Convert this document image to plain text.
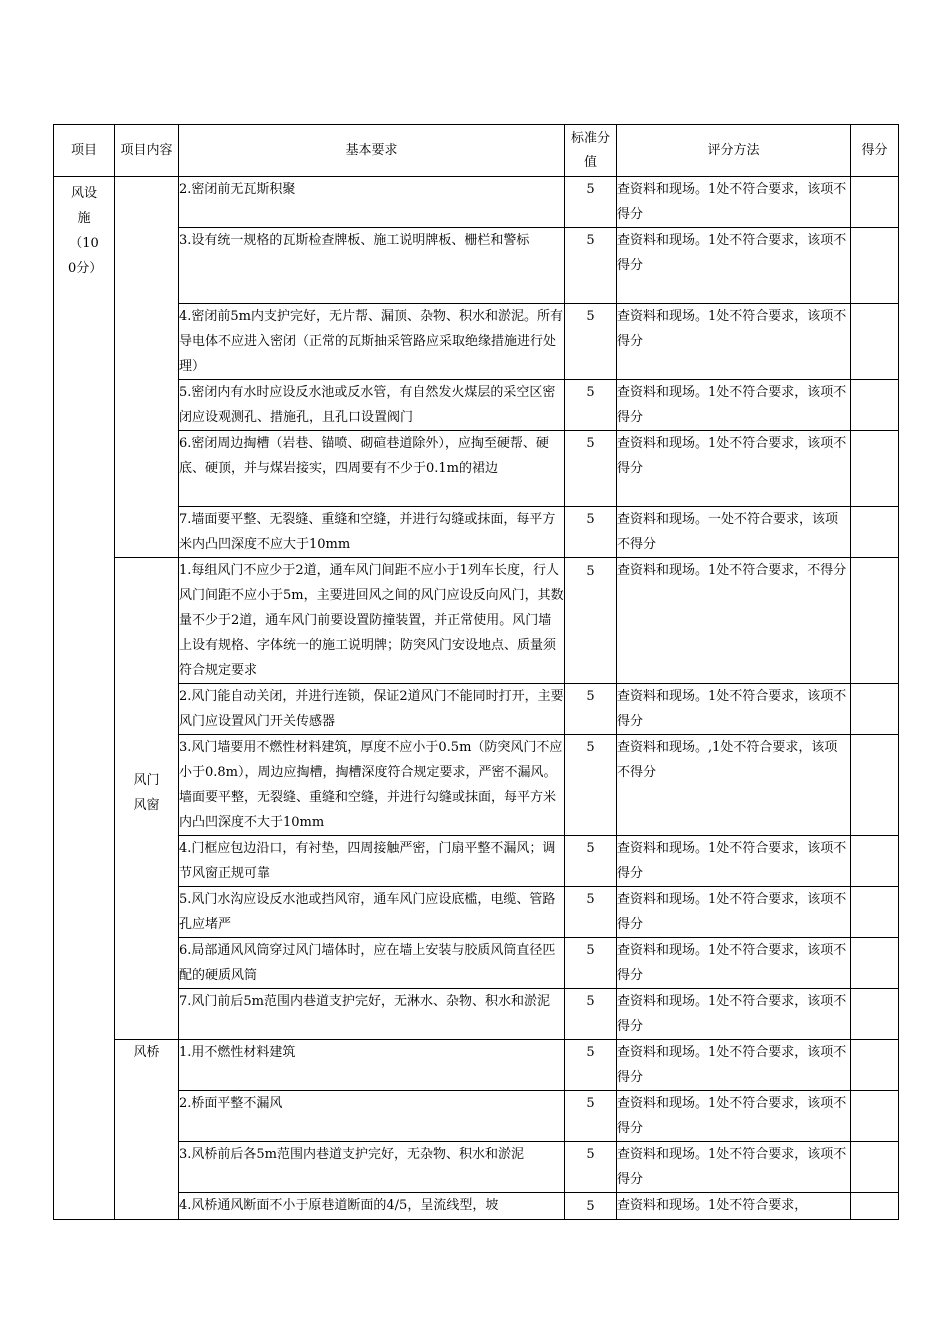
项目	项目内容	基本要求	标准分值	评分方法	得分
风设施（100分）		2.密闭前无瓦斯积聚	5	查资料和现场。1处不符合要求，该项不得分	
		3.设有统一规格的瓦斯检查牌板、施工说明牌板、栅栏和警标	5	查资料和现场。1处不符合要求，该项不得分	
		4.密闭前5m内支护完好，无片帮、漏顶、杂物、积水和淤泥。所有导电体不应进入密闭（正常的瓦斯抽采管路应采取绝缘措施进行处理）	5	查资料和现场。1处不符合要求，该项不得分	
		5.密闭内有水时应设反水池或反水管，有自然发火煤层的采空区密闭应设观测孔、措施孔，且孔口设置阀门	5	查资料和现场。1处不符合要求，该项不得分	
		6.密闭周边掏槽（岩巷、锚喷、砌碹巷道除外），应掏至硬帮、硬底、硬顶，并与煤岩接实，四周要有不少于0.1m的裙边	5	查资料和现场。1处不符合要求，该项不得分	
		7.墙面要平整、无裂缝、重缝和空缝，并进行勾缝或抹面，每平方米内凸凹深度不应大于10mm	5	查资料和现场。一处不符合要求，该项不得分	
	风门风窗	1.每组风门不应少于2道，通车风门间距不应小于1列车长度，行人风门间距不应小于5m，主要进回风之间的风门应设反向风门，其数量不少于2道，通车风门前要设置防撞装置，并正常使用。风门墙上设有规格、字体统一的施工说明牌；防突风门安设地点、质量须符合规定要求	5	查资料和现场。1处不符合要求，不得分	
		2.风门能自动关闭，并进行连锁，保证2道风门不能同时打开，主要风门应设置风门开关传感器	5	查资料和现场。1处不符合要求，该项不得分	
		3.风门墙要用不燃性材料建筑，厚度不应小于0.5m（防突风门不应小于0.8m），周边应掏槽，掏槽深度符合规定要求，严密不漏风。墙面要平整，无裂缝、重缝和空缝，并进行勾缝或抹面，每平方米内凸凹深度不大于10mm	5	查资料和现场。,1处不符合要求，该项不得分	
		4.门框应包边沿口，有衬垫，四周接触严密，门扇平整不漏风；调节风窗正规可靠	5	查资料和现场。1处不符合要求，该项不得分	
		5.风门水沟应设反水池或挡风帘，通车风门应设底槛，电缆、管路孔应堵严	5	查资料和现场。1处不符合要求，该项不得分	
		6.局部通风风筒穿过风门墙体时，应在墙上安装与胶质风筒直径匹配的硬质风筒	5	查资料和现场。1处不符合要求，该项不得分	
		7.风门前后5m范围内巷道支护完好，无淋水、杂物、积水和淤泥	5	查资料和现场。1处不符合要求，该项不得分	
	风桥	1.用不燃性材料建筑	5	查资料和现场。1处不符合要求，该项不得分	
		2.桥面平整不漏风	5	查资料和现场。1处不符合要求，该项不得分	
		3.风桥前后各5m范围内巷道支护完好，无杂物、积水和淤泥	5	查资料和现场。1处不符合要求，该项不得分	
		4.风桥通风断面不小于原巷道断面的4/5，呈流线型，坡	5	查资料和现场。1处不符合要求，	
